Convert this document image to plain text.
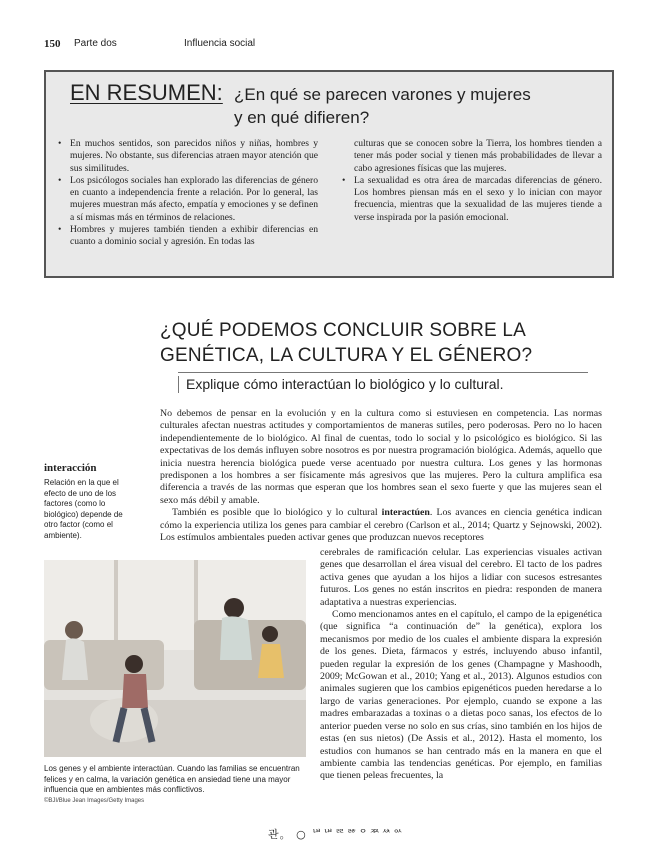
150 Parte dos	Influencia social
EN RESUMEN: ¿En qué se parecen varones y mujeres
y en qué difieren?
• En muchos sentidos, son parecidos niños y niñas, hombres y mujeres. No obstante, sus diferencias atraen mayor atención que sus similitudes.
• Los psicólogos sociales han explorado las diferencias de género en cuanto a independencia frente a relación. Por lo general, las mujeres muestran más afecto, empatía y emociones y se definen a sí mismas más en términos de relaciones.
• Hombres y mujeres también tienden a exhibir diferencias en cuanto a dominio social y agresión. En todas las

culturas que se conocen sobre la Tierra, los hombres tienden a tener más poder social y tienen más probabilidades de llevar a cabo agresiones físicas que las mujeres.

• La sexualidad es otra área de marcadas diferencias de género. Los hombres piensan más en el sexo y lo inician con mayor frecuencia, mientras que la sexualidad de las mujeres tiende a verse inspirada por la pasión emocional.
¿QUÉ PODEMOS CONCLUIR SOBRE LA GENÉTICA, LA CULTURA Y EL GÉNERO?
Explique cómo interactúan lo biológico y lo cultural.
interacción
Relación en la que el efecto de uno de los factores (como lo biológico) depende de otro factor (como el ambiente).

No debemos de pensar en la evolución y en la cultura como si estuviesen en competencia. Las normas culturales afectan nuestras actitudes y comportamientos de maneras sutiles, pero poderosas. Pero no lo hacen independientemente de lo biológico. Al final de cuentas, todo lo social y lo psicológico es biológico. Si las expectativas de los demás influyen sobre nosotros es por nuestra programación biológica. Además, aquello que inicia nuestra herencia biológica puede verse acentuado por nuestra cultura. Los genes y las hormonas predisponen a los hombres a ser físicamente más agresivos que las mujeres. Pero la cultura amplifica esa diferencia a través de las normas que esperan que los hombres sean el sexo fuerte y que las mujeres sean el sexo más débil y amable.

También es posible que lo biológico y lo cultural interactúen. Los avances en ciencia genética indican cómo la experiencia utiliza los genes para cambiar el cerebro (Carlson et al., 2014; Quartz y Sejnowski, 2002). Los estímulos ambientales pueden activar genes que produzcan nuevos receptores

cerebrales de ramificación celular. Las experiencias visuales activan genes que desarrollan el área visual del cerebro. El tacto de los padres activa genes que ayudan a los hijos a lidiar con sucesos estresantes futuros. Los genes no están inscritos en piedra: responden de manera adaptativa a nuestras experiencias.

Como mencionamos antes en el capítulo, el campo de la epigenética (que significa “a continuación de” la genética), explora los mecanismos por medio de los cuales el ambiente dispara la expresión de los genes. Dieta, fármacos y estrés, incluyendo abuso infantil, pueden regular la expresión de los genes (Champagne y Mashoodh, 2009; McGowan et al., 2010; Yang et al., 2013). Algunos estudios con animales sugieren que los cambios epigenéticos pueden heredarse a lo largo de varias generaciones. Por ejemplo, cuando se expone a las madres embarazadas a toxinas o a dietas poco sanas, los efectos de lo anterior pueden verse no solo en sus crías, sino también en los hijos de estas (en sus nietos) (De Assis et al., 2012). Hasta el momento, los estudios con humanos se han centrado más en la manera en que el ambiente cambia las tendencias genéticas. Por ejemplo, en familias que tienen peleas frecuentes, la

Los genes y el ambiente interactúan. Cuando las familias se encuentran felices y en calma, la variación genética en ansiedad tiene una mayor influencia que en ambientes más conflictivos.
©BJI/Blue Jean Images/Getty Images
관。 ○ ᄖᄖᄙᄚᄋᄍᄷᅅ
